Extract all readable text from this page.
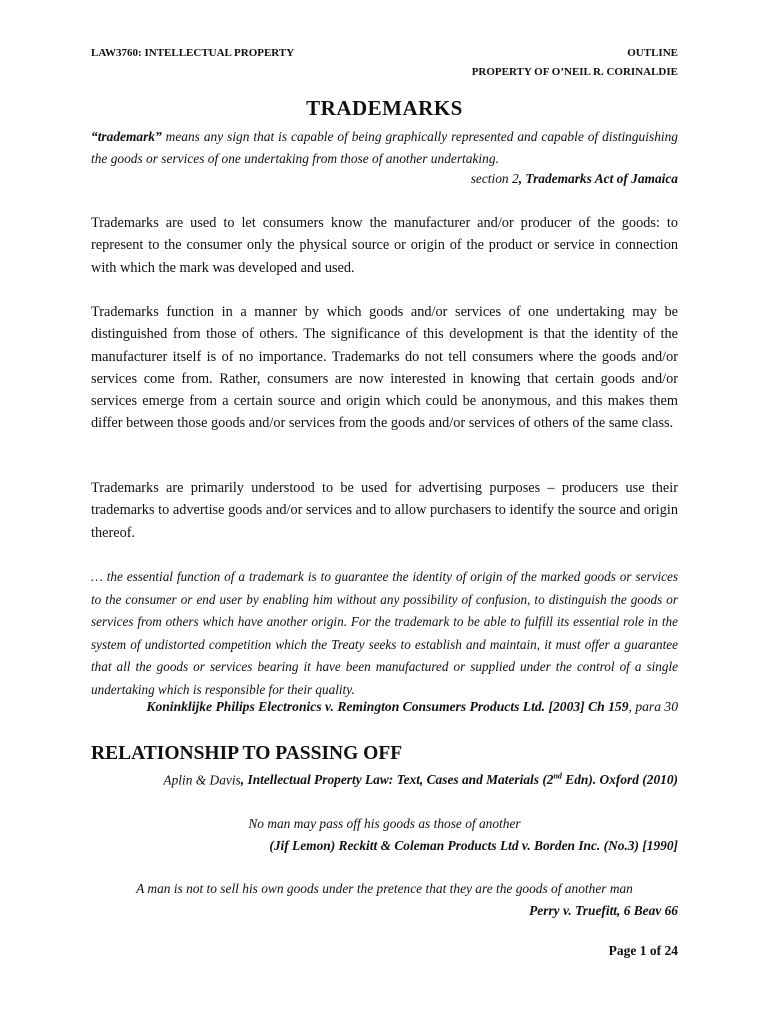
LAW3760: INTELLECTUAL PROPERTY	OUTLINE
PROPERTY OF O’NEIL R. CORINALDIE
TRADEMARKS
“trademark” means any sign that is capable of being graphically represented and capable of distinguishing the goods or services of one undertaking from those of another undertaking.
section 2, Trademarks Act of Jamaica
Trademarks are used to let consumers know the manufacturer and/or producer of the goods: to represent to the consumer only the physical source or origin of the product or service in connection with which the mark was developed and used.
Trademarks function in a manner by which goods and/or services of one undertaking may be distinguished from those of others. The significance of this development is that the identity of the manufacturer itself is of no importance. Trademarks do not tell consumers where the goods and/or services come from. Rather, consumers are now interested in knowing that certain goods and/or services emerge from a certain source and origin which could be anonymous, and this makes them differ between those goods and/or services from the goods and/or services of others of the same class.
Trademarks are primarily understood to be used for advertising purposes – producers use their trademarks to advertise goods and/or services and to allow purchasers to identify the source and origin thereof.
… the essential function of a trademark is to guarantee the identity of origin of the marked goods or services to the consumer or end user by enabling him without any possibility of confusion, to distinguish the goods or services from others which have another origin. For the trademark to be able to fulfill its essential role in the system of undistorted competition which the Treaty seeks to establish and maintain, it must offer a guarantee that all the goods or services bearing it have been manufactured or supplied under the control of a single undertaking which is responsible for their quality.
Koninklijke Philips Electronics v. Remington Consumers Products Ltd. [2003] Ch 159, para 30
RELATIONSHIP TO PASSING OFF
Aplin & Davis, Intellectual Property Law: Text, Cases and Materials (2nd Edn). Oxford (2010)
No man may pass off his goods as those of another
(Jif Lemon) Reckitt & Coleman Products Ltd v. Borden Inc. (No.3) [1990]
A man is not to sell his own goods under the pretence that they are the goods of another man
Perry v. Truefitt, 6 Beav 66
Page 1 of 24
